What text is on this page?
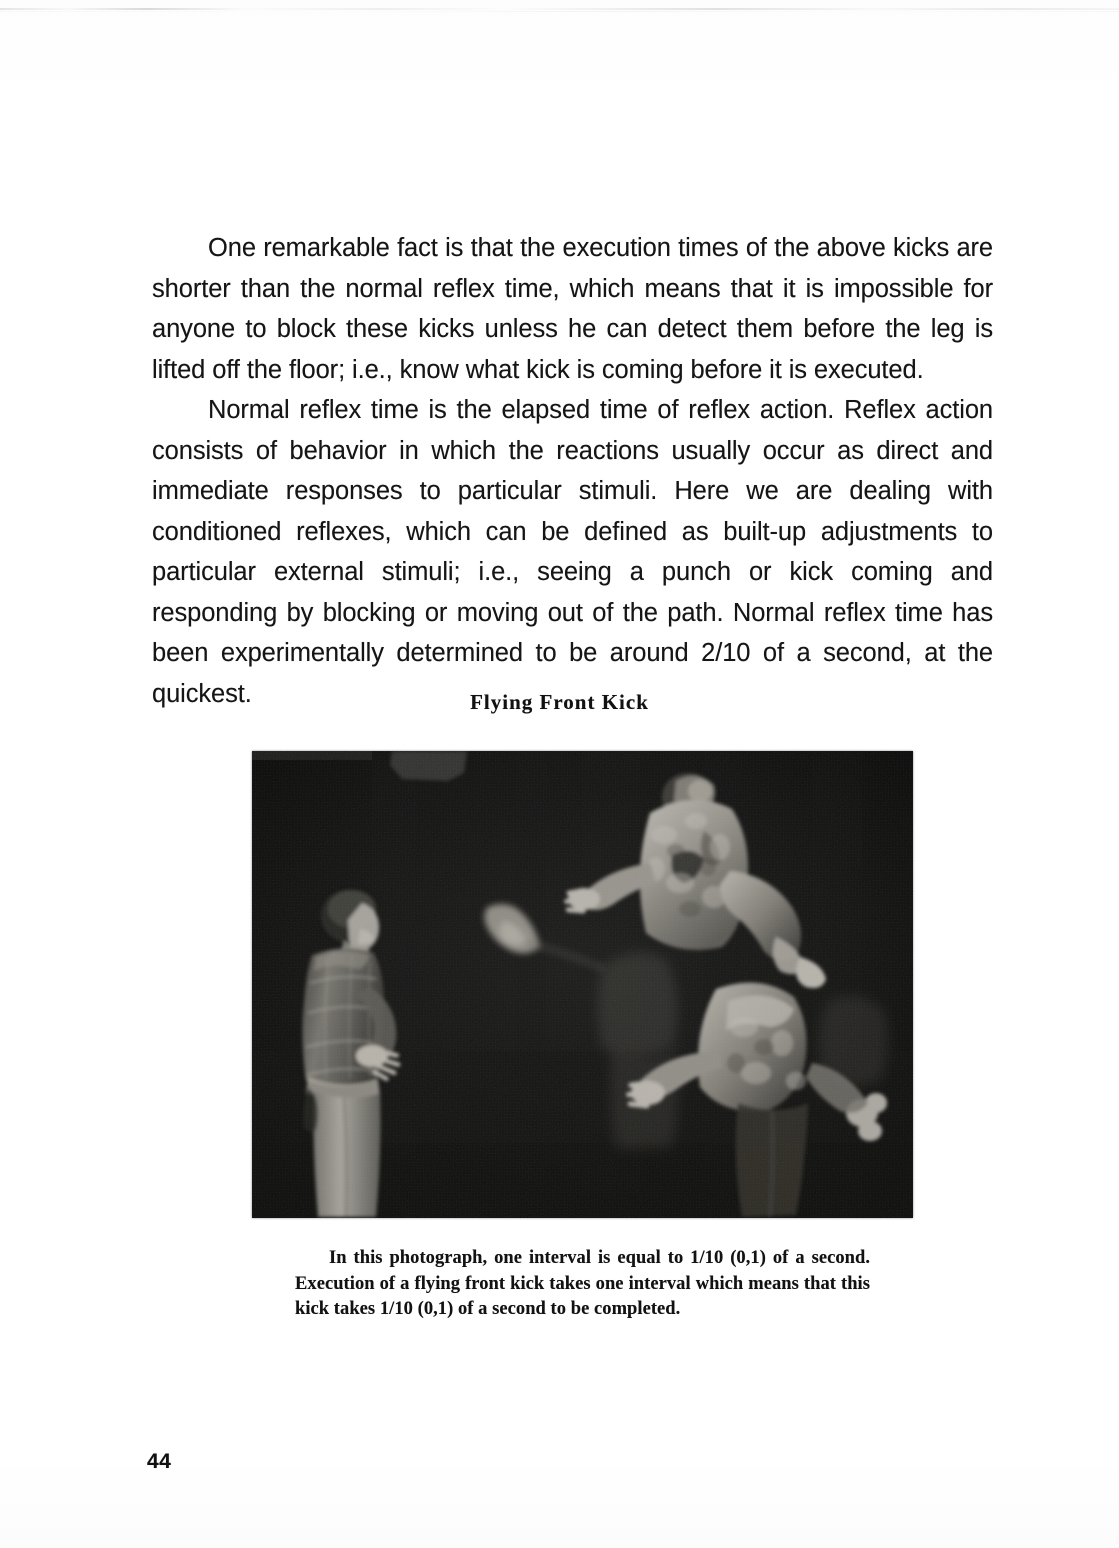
One remarkable fact is that the execution times of the above kicks are shorter than the normal reflex time, which means that it is impossible for anyone to block these kicks unless he can detect them before the leg is lifted off the floor; i.e., know what kick is coming before it is executed.

Normal reflex time is the elapsed time of reflex action. Reflex action consists of behavior in which the reactions usually occur as direct and immediate responses to particular stimuli. Here we are dealing with conditioned reflexes, which can be defined as built-up adjustments to particular external stimuli; i.e., seeing a punch or kick coming and responding by blocking or moving out of the path. Normal reflex time has been experimentally determined to be around 2/10 of a second, at the quickest.	Flying Front Kick

In this photograph, one interval is equal to 1/10 (0,1) of a second. Execution of a flying front kick takes one interval which means that this kick takes 1/10 (0,1) of a second to be completed.

44
